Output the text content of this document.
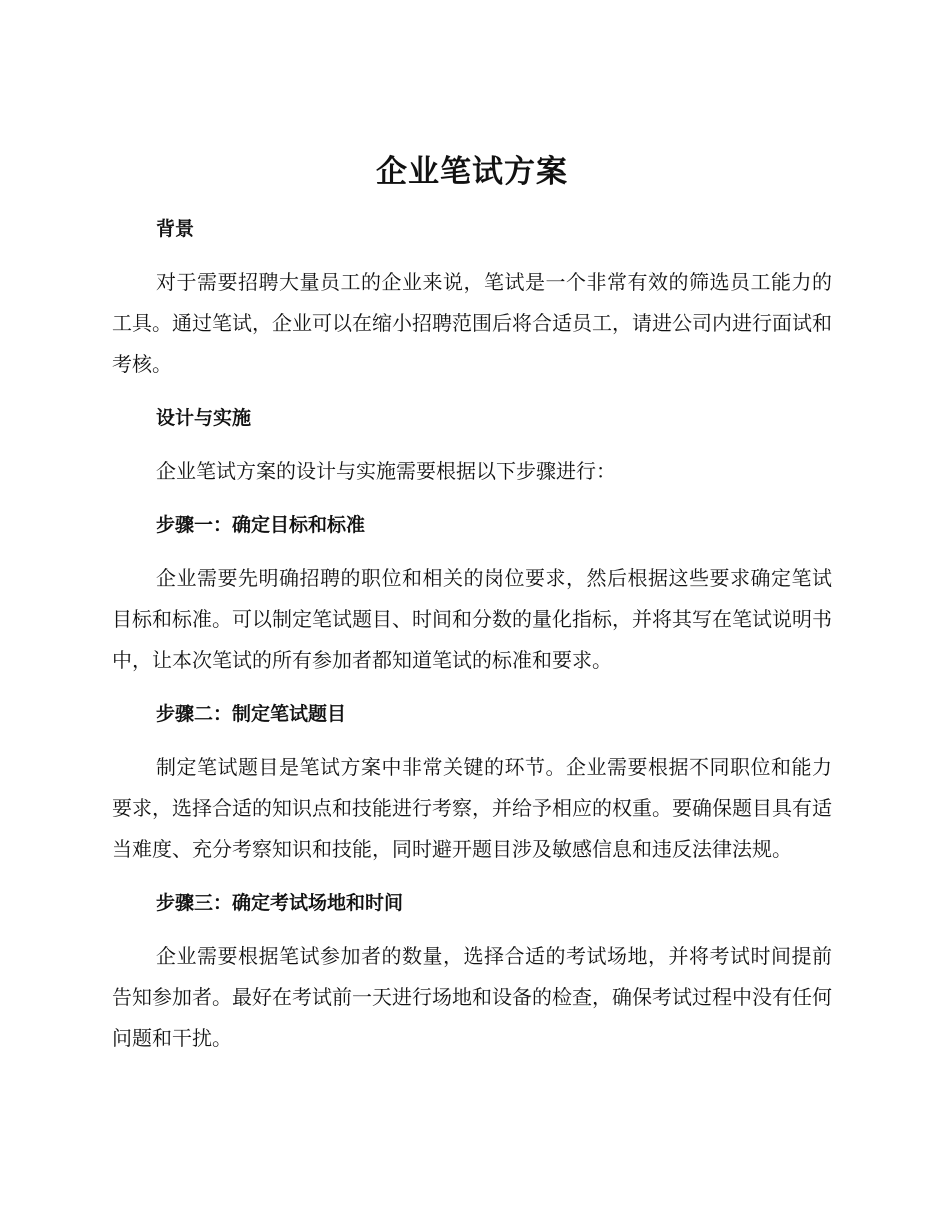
企业笔试方案
背景

对于需要招聘大量员工的企业来说，笔试是一个非常有效的筛选员工能力的工具。通过笔试，企业可以在缩小招聘范围后将合适员工，请进公司内进行面试和考核。

设计与实施

企业笔试方案的设计与实施需要根据以下步骤进行：

步骤一：确定目标和标准

企业需要先明确招聘的职位和相关的岗位要求，然后根据这些要求确定笔试目标和标准。可以制定笔试题目、时间和分数的量化指标，并将其写在笔试说明书中，让本次笔试的所有参加者都知道笔试的标准和要求。

步骤二：制定笔试题目

制定笔试题目是笔试方案中非常关键的环节。企业需要根据不同职位和能力要求，选择合适的知识点和技能进行考察，并给予相应的权重。要确保题目具有适当难度、充分考察知识和技能，同时避开题目涉及敏感信息和违反法律法规。

步骤三：确定考试场地和时间

企业需要根据笔试参加者的数量，选择合适的考试场地，并将考试时间提前告知参加者。最好在考试前一天进行场地和设备的检查，确保考试过程中没有任何问题和干扰。
